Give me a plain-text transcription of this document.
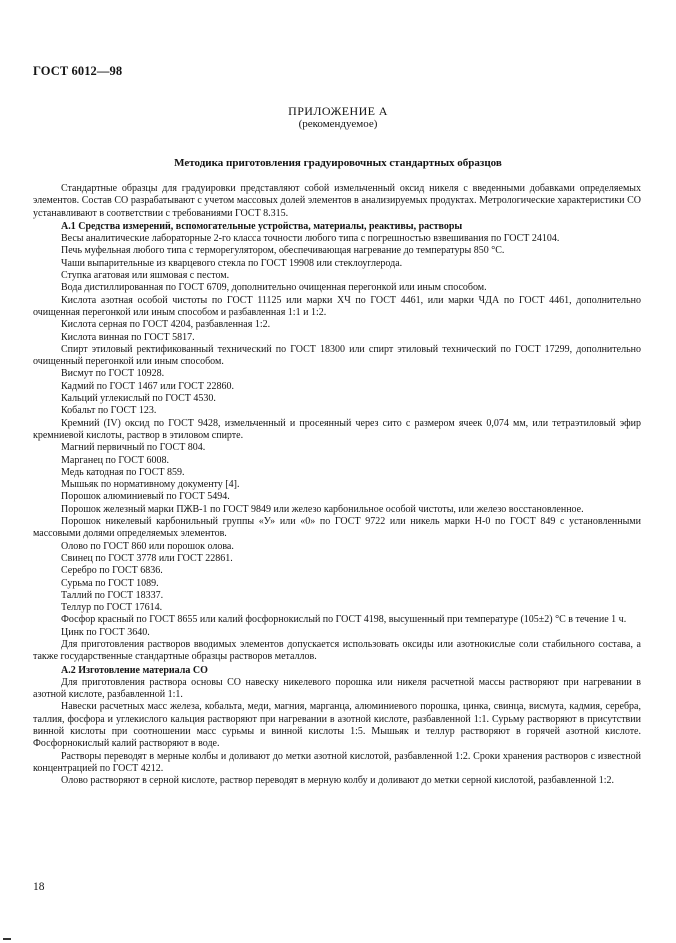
ГОСТ 6012—98
ПРИЛОЖЕНИЕ А
(рекомендуемое)
Методика приготовления градуировочных стандартных образцов

Стандартные образцы для градуировки представляют собой измельченный оксид никеля с введенными добавками определяемых элементов. Состав СО разрабатывают с учетом массовых долей элементов в анализируемых продуктах. Метрологические характеристики СО устанавливают в соответствии с требованиями ГОСТ 8.315.

А.1 Средства измерений, вспомогательные устройства, материалы, реактивы, растворы

Весы аналитические лабораторные 2-го класса точности любого типа с погрешностью взвешивания по ГОСТ 24104.

Печь муфельная любого типа с терморегулятором, обеспечивающая нагревание до температуры 850 °С.

Чаши выпарительные из кварцевого стекла по ГОСТ 19908 или стеклоуглерода.

Ступка агатовая или яшмовая с пестом.

Вода дистиллированная по ГОСТ 6709, дополнительно очищенная перегонкой или иным способом.

Кислота азотная особой чистоты по ГОСТ 11125 или марки ХЧ по ГОСТ 4461, или марки ЧДА по ГОСТ 4461, дополнительно очищенная перегонкой или иным способом и разбавленная 1:1 и 1:2.

Кислота серная по ГОСТ 4204, разбавленная 1:2.

Кислота винная по ГОСТ 5817.

Спирт этиловый ректификованный технический по ГОСТ 18300 или спирт этиловый технический по ГОСТ 17299, дополнительно очищенный перегонкой или иным способом.

Висмут по ГОСТ 10928.

Кадмий по ГОСТ 1467 или ГОСТ 22860.

Кальций углекислый по ГОСТ 4530.

Кобальт по ГОСТ 123.

Кремний (IV) оксид по ГОСТ 9428, измельченный и просеянный через сито с размером ячеек 0,074 мм, или тетраэтиловый эфир кремниевой кислоты, раствор в этиловом спирте.

Магний первичный по ГОСТ 804.

Марганец по ГОСТ 6008.

Медь катодная по ГОСТ 859.

Мышьяк по нормативному документу [4].

Порошок алюминиевый по ГОСТ 5494.

Порошок железный марки ПЖВ-1 по ГОСТ 9849 или железо карбонильное особой чистоты, или железо восстановленное.

Порошок никелевый карбонильный группы «У» или «0» по ГОСТ 9722 или никель марки Н-0 по ГОСТ 849 с установленными массовыми долями определяемых элементов.

Олово по ГОСТ 860 или порошок олова.

Свинец по ГОСТ 3778 или ГОСТ 22861.

Серебро по ГОСТ 6836.

Сурьма по ГОСТ 1089.

Таллий по ГОСТ 18337.

Теллур по ГОСТ 17614.

Фосфор красный по ГОСТ 8655 или калий фосфорнокислый по ГОСТ 4198, высушенный при температуре (105±2) °С в течение 1 ч.

Цинк по ГОСТ 3640.

Для приготовления растворов вводимых элементов допускается использовать оксиды или азотнокислые соли стабильного состава, а также государственные стандартные образцы растворов металлов.

А.2 Изготовление материала СО

Для приготовления раствора основы СО навеску никелевого порошка или никеля расчетной массы растворяют при нагревании в азотной кислоте, разбавленной 1:1.

Навески расчетных масс железа, кобальта, меди, магния, марганца, алюминиевого порошка, цинка, свинца, висмута, кадмия, серебра, таллия, фосфора и углекислого кальция растворяют при нагревании в азотной кислоте, разбавленной 1:1. Сурьму растворяют в присутствии винной кислоты при соотношении масс сурьмы и винной кислоты 1:5. Мышьяк и теллур растворяют в горячей азотной кислоте. Фосфорнокислый калий растворяют в воде.

Растворы переводят в мерные колбы и доливают до метки азотной кислотой, разбавленной 1:2. Сроки хранения растворов с известной концентрацией по ГОСТ 4212.

Олово растворяют в серной кислоте, раствор переводят в мерную колбу и доливают до метки серной кислотой, разбавленной 1:2.

18
